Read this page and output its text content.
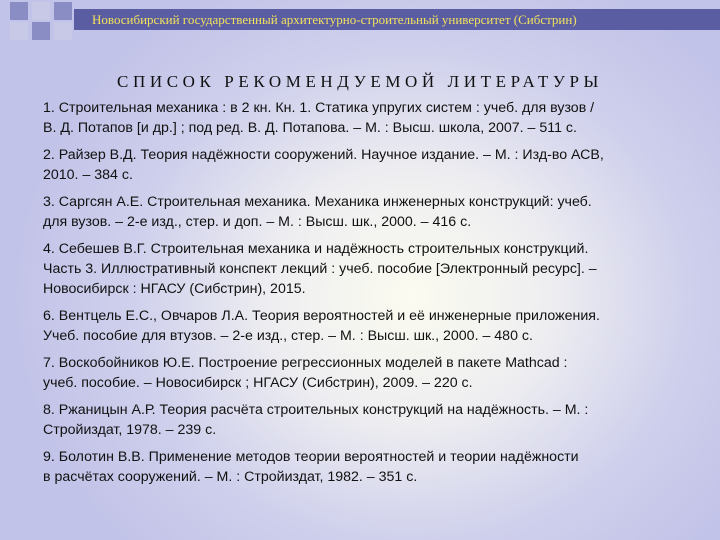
Новосибирский государственный архитектурно-строительный университет (Сибстрин)
СПИСОК РЕКОМЕНДУЕМОЙ ЛИТЕРАТУРЫ
1. Строительная механика : в 2 кн. Кн. 1. Статика упругих систем : учеб. для вузов /
В. Д. Потапов [и др.] ; под ред. В. Д. Потапова. – М. : Высш. школа, 2007. – 511 с.
2. Райзер В.Д. Теория надёжности сооружений. Научное издание. – М. : Изд-во АСВ,
2010. – 384 с.
3. Саргсян А.Е. Строительная механика. Механика инженерных конструкций: учеб.
для вузов. – 2-е изд., стер. и доп. – М. : Высш. шк., 2000. – 416 с.
4. Себешев В.Г. Строительная механика и надёжность строительных конструкций.
Часть 3. Иллюстративный конспект лекций : учеб. пособие [Электронный ресурс]. –
Новосибирск : НГАСУ (Сибстрин), 2015.
6. Вентцель Е.С., Овчаров Л.А. Теория вероятностей и её инженерные приложения.
Учеб. пособие для втузов. – 2-е изд., стер. – М. : Высш. шк., 2000. – 480 с.
7. Воскобойников Ю.Е. Построение регрессионных моделей в пакете Mathcad :
учеб. пособие. – Новосибирск ; НГАСУ (Сибстрин), 2009. – 220 с.
8. Ржаницын А.Р. Теория расчёта строительных конструкций на надёжность. – М. :
Стройиздат, 1978. – 239 с.
9. Болотин В.В. Применение методов теории вероятностей и теории надёжности
в расчётах сооружений. – М. : Стройиздат, 1982. – 351 с.
